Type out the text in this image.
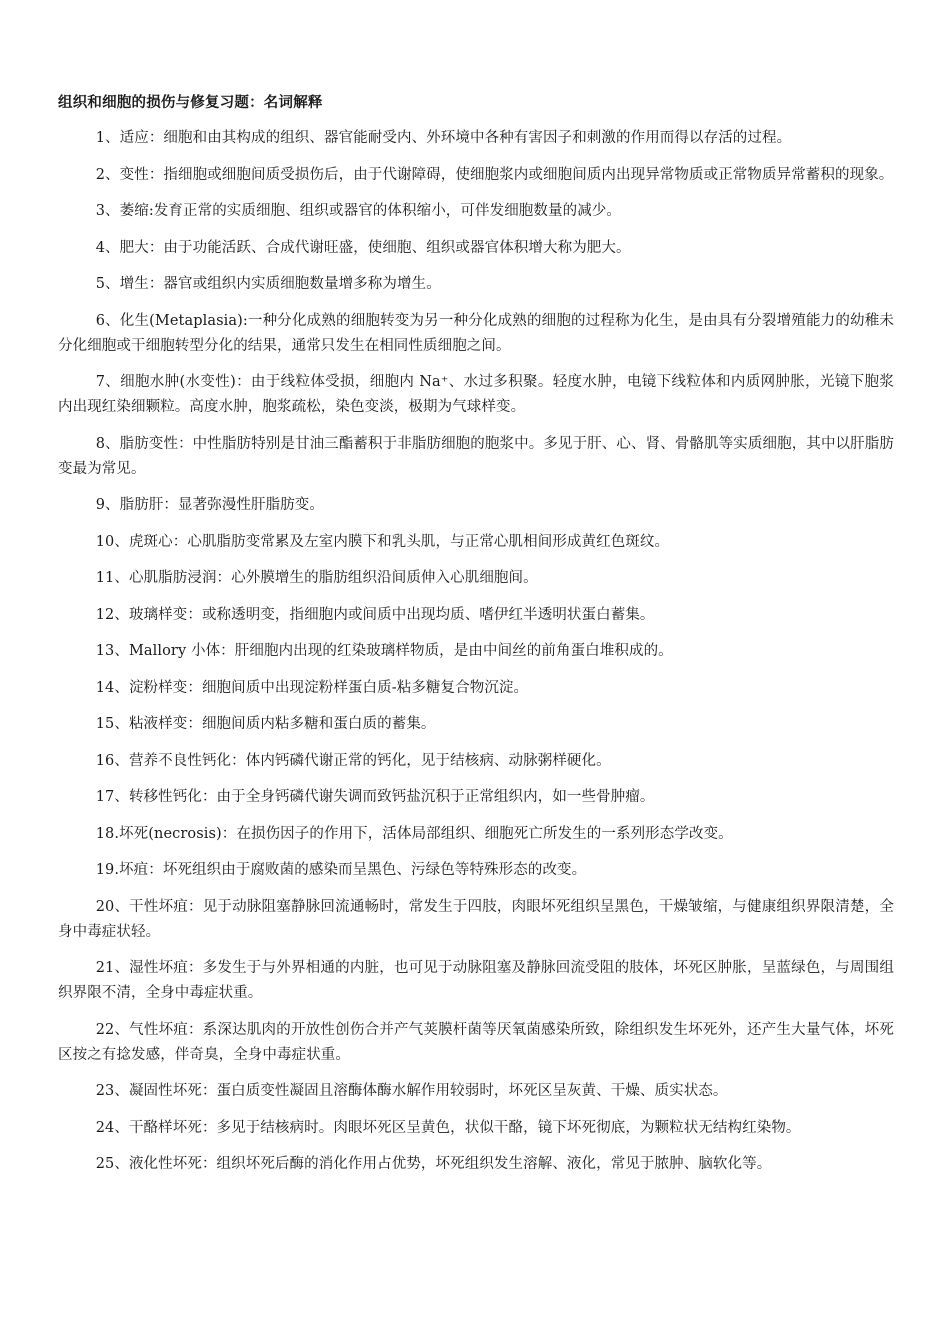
组织和细胞的损伤与修复习题：名词解释

1、适应：细胞和由其构成的组织、器官能耐受内、外环境中各种有害因子和刺激的作用而得以存活的过程。

2、变性：指细胞或细胞间质受损伤后，由于代谢障碍，使细胞浆内或细胞间质内出现异常物质或正常物质异常蓄积的现象。

3、萎缩:发育正常的实质细胞、组织或器官的体积缩小，可伴发细胞数量的减少。

4、肥大：由于功能活跃、合成代谢旺盛，使细胞、组织或器官体积增大称为肥大。

5、增生：器官或组织内实质细胞数量增多称为增生。

6、化生(Metaplasia):一种分化成熟的细胞转变为另一种分化成熟的细胞的过程称为化生，是由具有分裂增殖能力的幼稚未分化细胞或干细胞转型分化的结果，通常只发生在相同性质细胞之间。

7、细胞水肿(水变性)：由于线粒体受损，细胞内 Na⁺、水过多积聚。轻度水肿，电镜下线粒体和内质网肿胀，光镜下胞浆内出现红染细颗粒。高度水肿，胞浆疏松，染色变淡，极期为气球样变。

8、脂肪变性：中性脂肪特别是甘油三酯蓄积于非脂肪细胞的胞浆中。多见于肝、心、肾、骨骼肌等实质细胞，其中以肝脂肪变最为常见。

9、脂肪肝：显著弥漫性肝脂肪变。

10、虎斑心：心肌脂肪变常累及左室内膜下和乳头肌，与正常心肌相间形成黄红色斑纹。

11、心肌脂肪浸润：心外膜增生的脂肪组织沿间质伸入心肌细胞间。

12、玻璃样变：或称透明变，指细胞内或间质中出现均质、嗜伊红半透明状蛋白蓄集。

13、Mallory 小体：肝细胞内出现的红染玻璃样物质，是由中间丝的前角蛋白堆积成的。

14、淀粉样变：细胞间质中出现淀粉样蛋白质-粘多糖复合物沉淀。

15、粘液样变：细胞间质内粘多糖和蛋白质的蓄集。

16、营养不良性钙化：体内钙磷代谢正常的钙化，见于结核病、动脉粥样硬化。

17、转移性钙化：由于全身钙磷代谢失调而致钙盐沉积于正常组织内，如一些骨肿瘤。

18.坏死(necrosis)：在损伤因子的作用下，活体局部组织、细胞死亡所发生的一系列形态学改变。

19.坏疽：坏死组织由于腐败菌的感染而呈黑色、污绿色等特殊形态的改变。

20、干性坏疽：见于动脉阻塞静脉回流通畅时，常发生于四肢，肉眼坏死组织呈黑色，干燥皱缩，与健康组织界限清楚，全身中毒症状轻。

21、湿性坏疽：多发生于与外界相通的内脏，也可见于动脉阻塞及静脉回流受阻的肢体，坏死区肿胀，呈蓝绿色，与周围组织界限不清，全身中毒症状重。

22、气性坏疽：系深达肌肉的开放性创伤合并产气荚膜杆菌等厌氧菌感染所致，除组织发生坏死外，还产生大量气体，坏死区按之有捻发感，伴奇臭，全身中毒症状重。

23、凝固性坏死：蛋白质变性凝固且溶酶体酶水解作用较弱时，坏死区呈灰黄、干燥、质实状态。

24、干酪样坏死：多见于结核病时。肉眼坏死区呈黄色，状似干酪，镜下坏死彻底，为颗粒状无结构红染物。

25、液化性坏死：组织坏死后酶的消化作用占优势，坏死组织发生溶解、液化，常见于脓肿、脑软化等。
